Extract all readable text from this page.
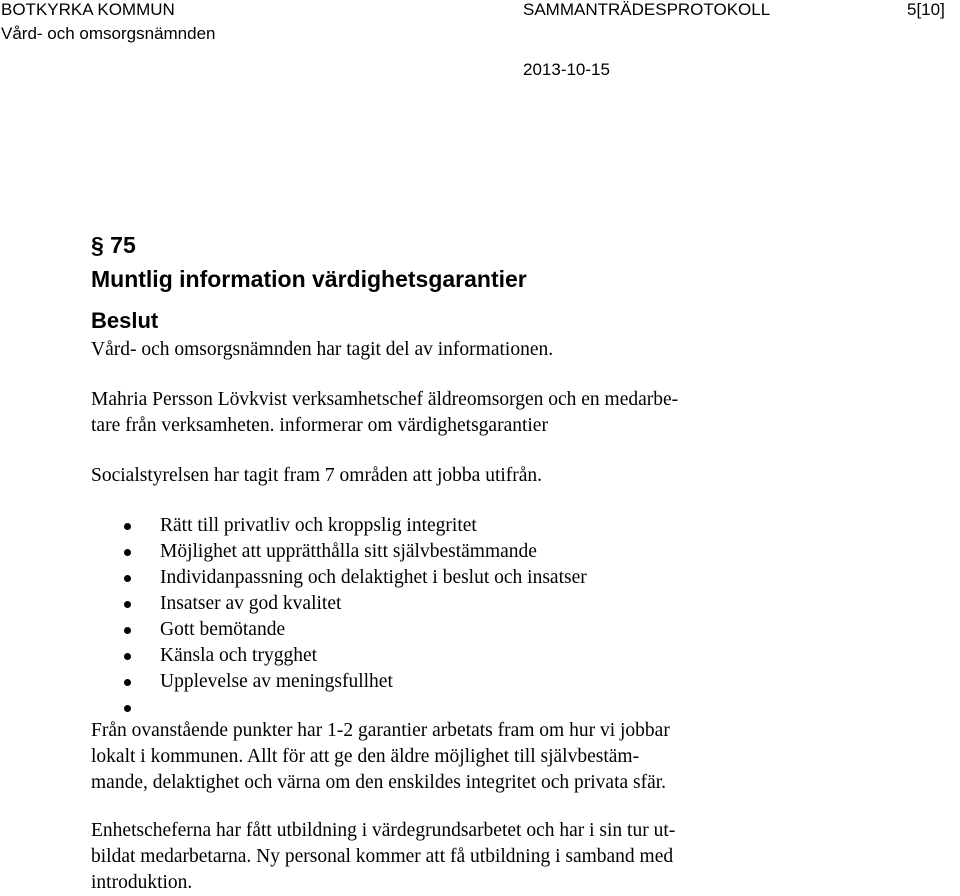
BOTKYRKA KOMMUN
Vård- och omsorgsnämnden
SAMMANTRÄDESPROTOKOLL	5[10]
2013-10-15
§ 75
Muntlig information värdighetsgarantier
Beslut
Vård- och omsorgsnämnden har tagit del av informationen.
Mahria Persson Lövkvist verksamhetschef äldreomsorgen och en medarbe-
tare från verksamheten. informerar om värdighetsgarantier
Socialstyrelsen har tagit fram 7 områden att jobba utifrån.
Rätt till privatliv och kroppslig integritet
Möjlighet att upprätthålla sitt självbestämmande
Individanpassning och delaktighet i beslut och insatser
Insatser av god kvalitet
Gott bemötande
Känsla och trygghet
Upplevelse av meningsfullhet
Från ovanstående punkter har 1-2 garantier arbetats fram om hur vi jobbar
lokalt i kommunen. Allt för att ge den äldre möjlighet till självbestäm-
mande, delaktighet och värna om den enskildes integritet och privata sfär.
Enhetscheferna har fått utbildning i värdegrundsarbetet och har i sin tur ut-
bildat medarbetarna. Ny personal kommer att få utbildning i samband med
introduktion.
